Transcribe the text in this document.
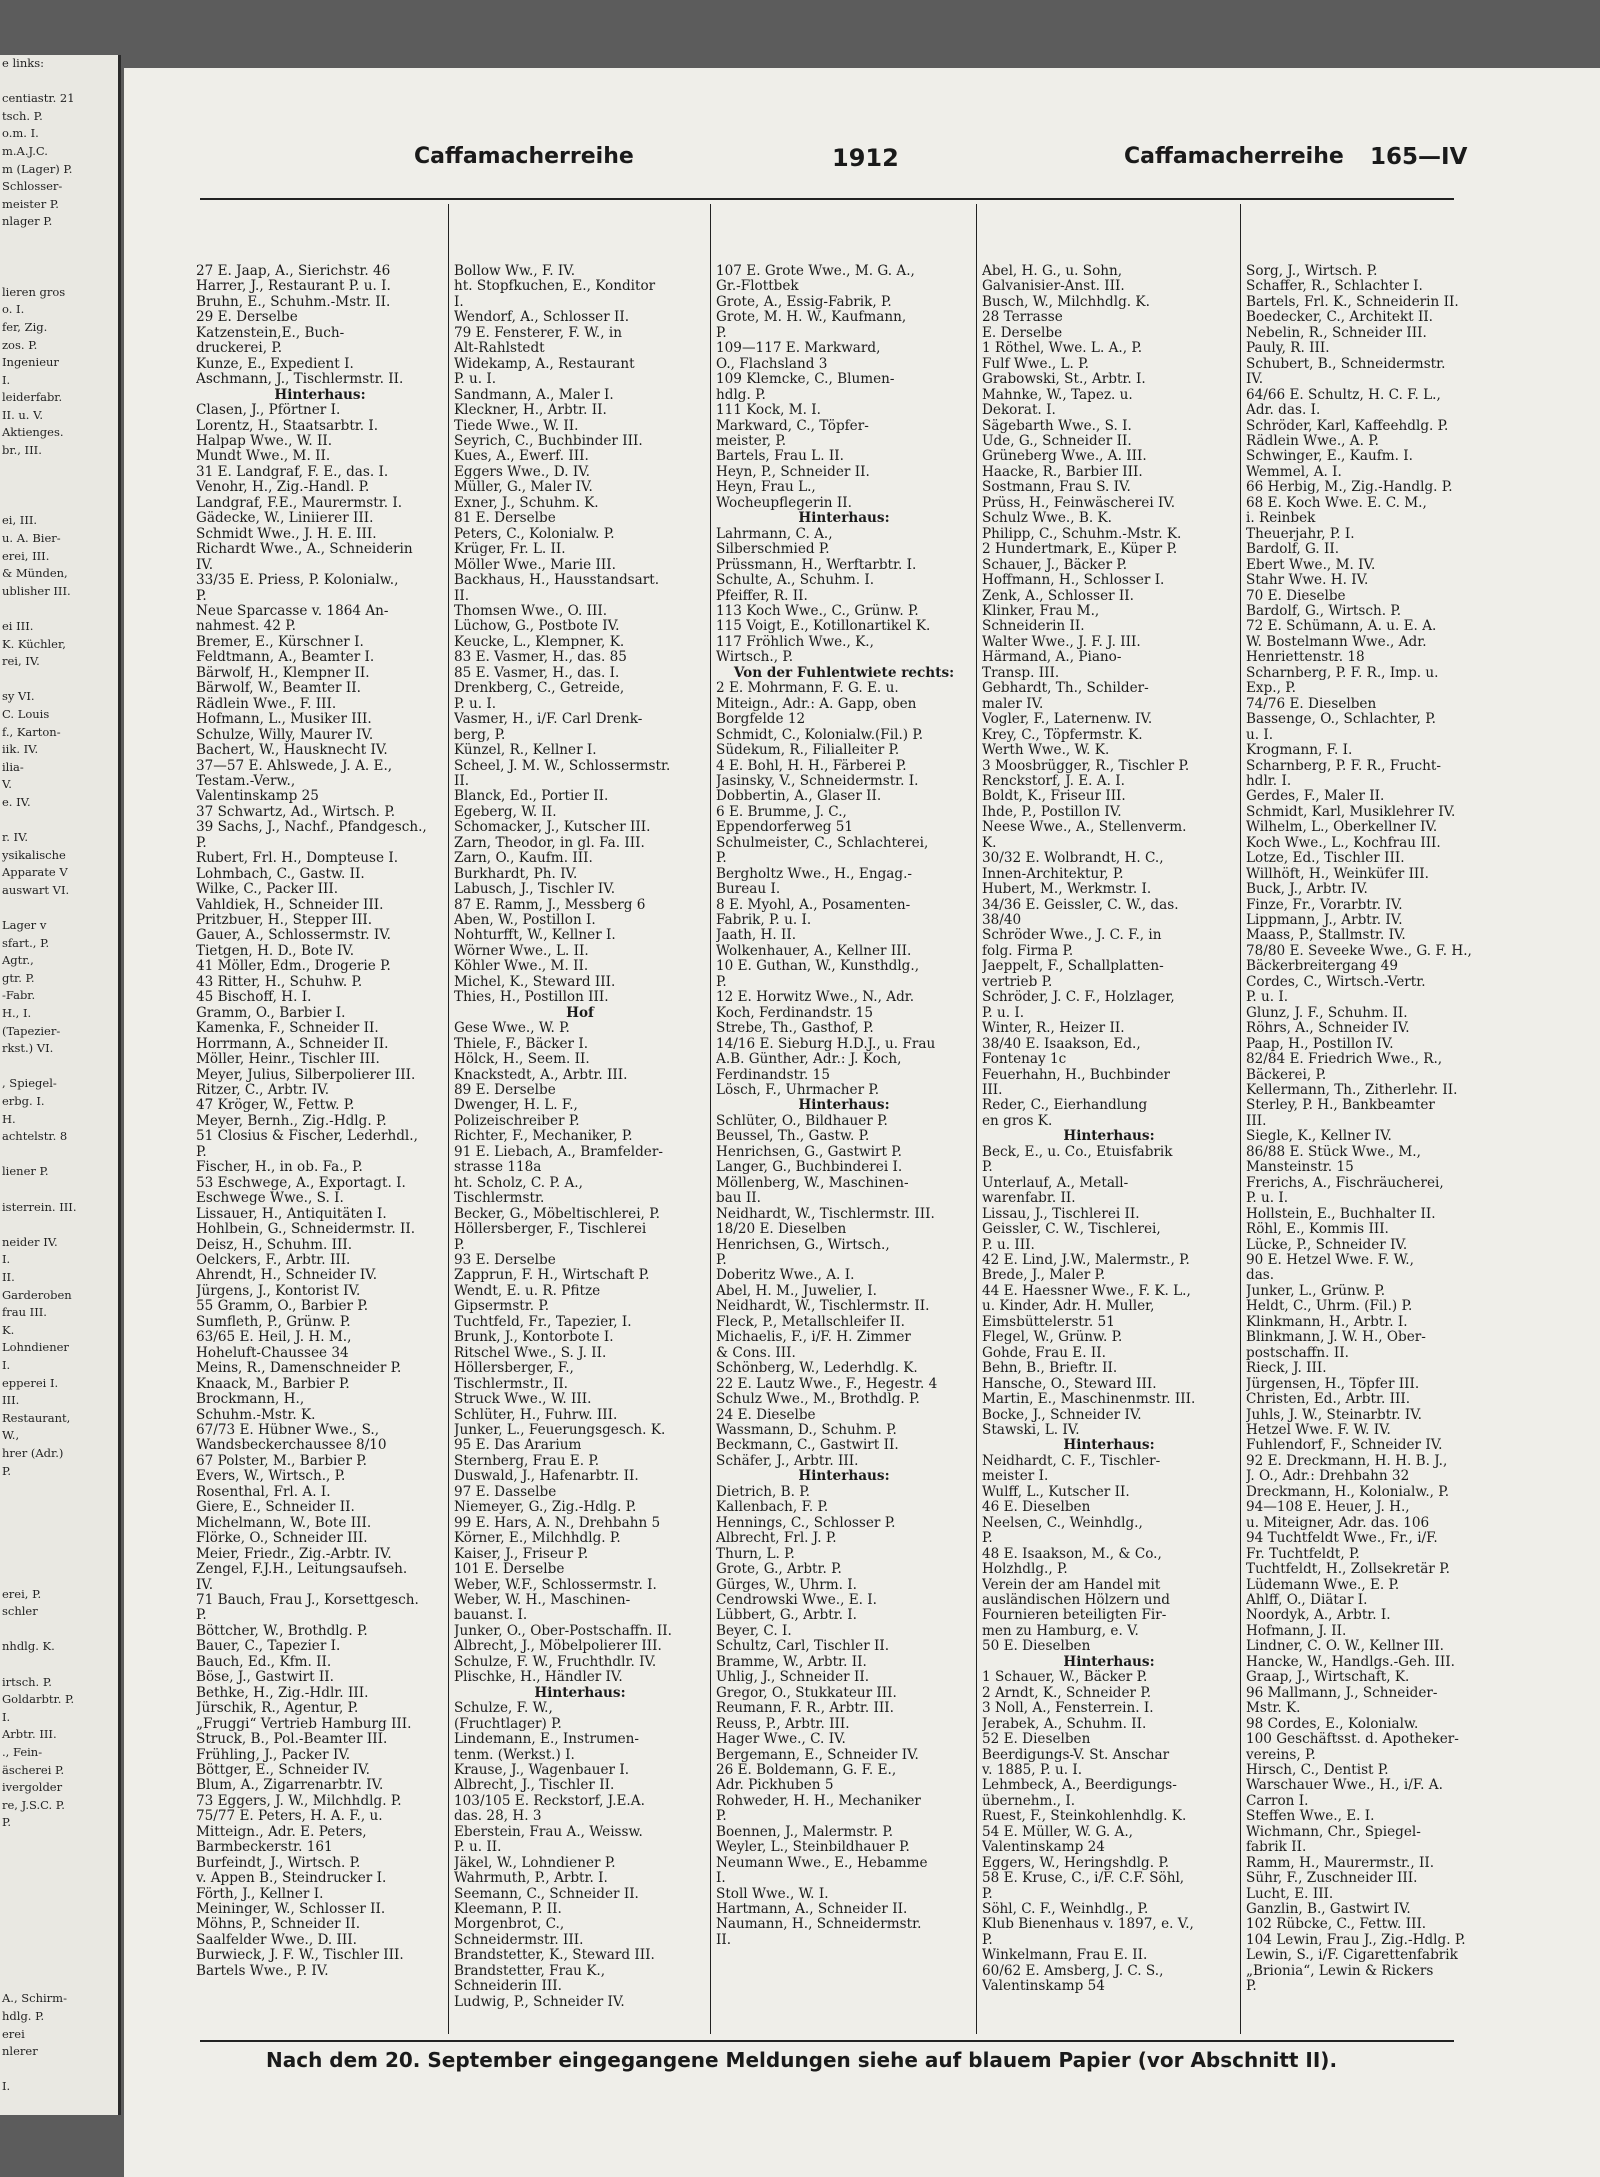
e links:
centiastr. 21
tsch. P.
o.m. I.
m.A.J.C.
m (Lager) P.
Schlosser-
meister P.
nlager P.
lieren gros
o. I.
fer, Zig.
zos. P.
Ingenieur
I.
leiderfabr.
II. u. V.
Aktienges.
br., III.
ei, III.
u. A. Bier-
erei, III.
& Münden,
ublisher III.
ei III.
K. Küchler,
rei, IV.
sy VI.
C. Louis
f., Karton-
iik. IV.
ilia-
V.
e. IV.
r. IV.
ysikalische
Apparate V
auswart VI.
Lager v
sfart., P.
Agtr.,
gtr. P.
-Fabr.
H., I.
(Tapezier-
rkst.) VI.
, Spiegel-
erbg. I.
H.
achtelstr. 8
liener P.
isterrein. III.
neider IV.
I.
II.
Garderoben
frau III.
K.
Lohndiener
I.
epperei I.
III.
Restaurant,
W.,
hrer (Adr.)
P.
erei, P.
schler
nhdlg. K.
irtsch. P.
Goldarbtr. P.
I.
Arbtr. III.
., Fein-
äscherei P.
ivergolder
re, J.S.C. P.
P.
A., Schirm-
hdlg. P.
erei
nlerer
I.
Caffamacherreihe	1912	Caffamacherreihe 165—IV
27 E. Jaap, A., Sierichstr. 46
Harrer, J., Restaurant P. u. I.
Bruhn, E., Schuhm.-Mstr. II.
29 E. Derselbe
Katzenstein,E., Buch-
druckerei, P.
Kunze, E., Expedient I.
Aschmann, J., Tischlermstr. II.
Hinterhaus:
Clasen, J., Pförtner I.
Lorentz, H., Staatsarbtr. I.
Halpap Wwe., W. II.
Mundt Wwe., M. II.
31 E. Landgraf, F. E., das. I.
Venohr, H., Zig.-Handl. P.
Landgraf, F.E., Maurermstr. I.
Gädecke, W., Liniierer III.
Schmidt Wwe., J. H. E. III.
Richardt Wwe., A., Schneiderin
IV.
33/35 E. Priess, P. Kolonialw.,
P.
Neue Sparcasse v. 1864 An-
nahmest. 42 P.
Bremer, E., Kürschner I.
Feldtmann, A., Beamter I.
Bärwolf, H., Klempner II.
Bärwolf, W., Beamter II.
Rädlein Wwe., F. III.
Hofmann, L., Musiker III.
Schulze, Willy, Maurer IV.
Bachert, W., Hausknecht IV.
37—57 E. Ahlswede, J. A. E.,
Testam.-Verw.,
Valentinskamp 25
37 Schwartz, Ad., Wirtsch. P.
39 Sachs, J., Nachf., Pfandgesch.,
P.
Rubert, Frl. H., Dompteuse I.
Lohmbach, C., Gastw. II.
Wilke, C., Packer III.
Vahldiek, H., Schneider III.
Pritzbuer, H., Stepper III.
Gauer, A., Schlossermstr. IV.
Tietgen, H. D., Bote IV.
41 Möller, Edm., Drogerie P.
43 Ritter, H., Schuhw. P.
45 Bischoff, H. I.
Gramm, O., Barbier I.
Kamenka, F., Schneider II.
Horrmann, A., Schneider II.
Möller, Heinr., Tischler III.
Meyer, Julius, Silberpolierer III.
Ritzer, C., Arbtr. IV.
47 Kröger, W., Fettw. P.
Meyer, Bernh., Zig.-Hdlg. P.
51 Closius & Fischer, Lederhdl.,
P.
Fischer, H., in ob. Fa., P.
53 Eschwege, A., Exportagt. I.
Eschwege Wwe., S. I.
Lissauer, H., Antiquitäten I.
Hohlbein, G., Schneidermstr. II.
Deisz, H., Schuhm. III.
Oelckers, F., Arbtr. III.
Ahrendt, H., Schneider IV.
Jürgens, J., Kontorist IV.
55 Gramm, O., Barbier P.
Sumfleth, P., Grünw. P.
63/65 E. Heil, J. H. M.,
Hoheluft-Chaussee 34
Meins, R., Damenschneider P.
Knaack, M., Barbier P.
Brockmann, H.,
Schuhm.-Mstr. K.
67/73 E. Hübner Wwe., S.,
Wandsbeckerchaussee 8/10
67 Polster, M., Barbier P.
Evers, W., Wirtsch., P.
Rosenthal, Frl. A. I.
Giere, E., Schneider II.
Michelmann, W., Bote III.
Flörke, O., Schneider III.
Meier, Friedr., Zig.-Arbtr. IV.
Zengel, F.J.H., Leitungsaufseh.
IV.
71 Bauch, Frau J., Korsettgesch.
P.
Böttcher, W., Brothdlg. P.
Bauer, C., Tapezier I.
Bauch, Ed., Kfm. II.
Böse, J., Gastwirt II.
Bethke, H., Zig.-Hdlr. III.
Jürschik, R., Agentur, P.
„Fruggi“ Vertrieb Hamburg III.
Struck, B., Pol.-Beamter III.
Frühling, J., Packer IV.
Böttger, E., Schneider IV.
Blum, A., Zigarrenarbtr. IV.
73 Eggers, J. W., Milchhdlg. P.
75/77 E. Peters, H. A. F., u.
Mitteign., Adr. E. Peters,
Barmbeckerstr. 161
Burfeindt, J., Wirtsch. P.
v. Appen B., Steindrucker I.
Förth, J., Kellner I.
Meininger, W., Schlosser II.
Möhns, P., Schneider II.
Saalfelder Wwe., D. III.
Burwieck, J. F. W., Tischler III.
Bartels Wwe., P. IV.
Bollow Ww., F. IV.
ht. Stopfkuchen, E., Konditor
I.
Wendorf, A., Schlosser II.
79 E. Fensterer, F. W., in
Alt-Rahlstedt
Widekamp, A., Restaurant
P. u. I.
Sandmann, A., Maler I.
Kleckner, H., Arbtr. II.
Tiede Wwe., W. II.
Seyrich, C., Buchbinder III.
Kues, A., Ewerf. III.
Eggers Wwe., D. IV.
Müller, G., Maler IV.
Exner, J., Schuhm. K.
81 E. Derselbe
Peters, C., Kolonialw. P.
Krüger, Fr. L. II.
Möller Wwe., Marie III.
Backhaus, H., Hausstandsart.
II.
Thomsen Wwe., O. III.
Lüchow, G., Postbote IV.
Keucke, L., Klempner, K.
83 E. Vasmer, H., das. 85
85 E. Vasmer, H., das. I.
Drenkberg, C., Getreide,
P. u. I.
Vasmer, H., i/F. Carl Drenk-
berg, P.
Künzel, R., Kellner I.
Scheel, J. M. W., Schlossermstr.
II.
Blanck, Ed., Portier II.
Egeberg, W. II.
Schomacker, J., Kutscher III.
Zarn, Theodor, in gl. Fa. III.
Zarn, O., Kaufm. III.
Burkhardt, Ph. IV.
Labusch, J., Tischler IV.
87 E. Ramm, J., Messberg 6
Aben, W., Postillon I.
Nohturfft, W., Kellner I.
Wörner Wwe., L. II.
Köhler Wwe., M. II.
Michel, K., Steward III.
Thies, H., Postillon III.
Hof
Gese Wwe., W. P.
Thiele, F., Bäcker I.
Hölck, H., Seem. II.
Knackstedt, A., Arbtr. III.
89 E. Derselbe
Dwenger, H. L. F.,
Polizeischreiber P.
Richter, F., Mechaniker, P.
91 E. Liebach, A., Bramfelder-
strasse 118a
ht. Scholz, C. P. A.,
Tischlermstr.
Becker, G., Möbeltischlerei, P.
Höllersberger, F., Tischlerei
P.
93 E. Derselbe
Zapprun, F. H., Wirtschaft P.
Wendt, E. u. R. Pfitze
Gipsermstr. P.
Tuchtfeld, Fr., Tapezier, I.
Brunk, J., Kontorbote I.
Ritschel Wwe., S. J. II.
Höllersberger, F.,
Tischlermstr., II.
Struck Wwe., W. III.
Schlüter, H., Fuhrw. III.
Junker, L., Feuerungsgesch. K.
95 E. Das Ärarium
Sternberg, Frau E. P.
Duswald, J., Hafenarbtr. II.
97 E. Dasselbe
Niemeyer, G., Zig.-Hdlg. P.
99 E. Hars, A. N., Drehbahn 5
Körner, E., Milchhdlg. P.
Kaiser, J., Friseur P.
101 E. Derselbe
Weber, W.F., Schlossermstr. I.
Weber, W. H., Maschinen-
bauanst. I.
Junker, O., Ober-Postschaffn. II.
Albrecht, J., Möbelpolierer III.
Schulze, F. W., Fruchthdlr. IV.
Plischke, H., Händler IV.
Hinterhaus:
Schulze, F. W.,
(Fruchtlager) P.
Lindemann, E., Instrumen-
tenm. (Werkst.) I.
Krause, J., Wagenbauer I.
Albrecht, J., Tischler II.
103/105 E. Reckstorf, J.E.A.
das. 28, H. 3
Eberstein, Frau A., Weissw.
P. u. II.
Jäkel, W., Lohndiener P.
Wahrmuth, P., Arbtr. I.
Seemann, C., Schneider II.
Kleemann, P. II.
Morgenbrot, C.,
Schneidermstr. III.
Brandstetter, K., Steward III.
Brandstetter, Frau K.,
Schneiderin III.
Ludwig, P., Schneider IV.
107 E. Grote Wwe., M. G. A.,
Gr.-Flottbek
Grote, A., Essig-Fabrik, P.
Grote, M. H. W., Kaufmann,
P.
109—117 E. Markward,
O., Flachsland 3
109 Klemcke, C., Blumen-
hdlg. P.
111 Kock, M. I.
Markward, C., Töpfer-
meister, P.
Bartels, Frau L. II.
Heyn, P., Schneider II.
Heyn, Frau L.,
Wocheupflegerin II.
Hinterhaus:
Lahrmann, C. A.,
Silberschmied P.
Prüssmann, H., Werftarbtr. I.
Schulte, A., Schuhm. I.
Pfeiffer, R. II.
113 Koch Wwe., C., Grünw. P.
115 Voigt, E., Kotillonartikel K.
117 Fröhlich Wwe., K.,
Wirtsch., P.
Von der Fuhlentwiete rechts:
2 E. Mohrmann, F. G. E. u.
Miteign., Adr.: A. Gapp, oben
Borgfelde 12
Schmidt, C., Kolonialw.(Fil.) P.
Südekum, R., Filialleiter P.
4 E. Bohl, H. H., Färberei P.
Jasinsky, V., Schneidermstr. I.
Dobbertin, A., Glaser II.
6 E. Brumme, J. C.,
Eppendorferweg 51
Schulmeister, C., Schlachterei,
P.
Bergholtz Wwe., H., Engag.-
Bureau I.
8 E. Myohl, A., Posamenten-
Fabrik, P. u. I.
Jaath, H. II.
Wolkenhauer, A., Kellner III.
10 E. Guthan, W., Kunsthdlg.,
P.
12 E. Horwitz Wwe., N., Adr.
Koch, Ferdinandstr. 15
Strebe, Th., Gasthof, P.
14/16 E. Sieburg H.D.J., u. Frau
A.B. Günther, Adr.: J. Koch,
Ferdinandstr. 15
Lösch, F., Uhrmacher P.
Hinterhaus:
Schlüter, O., Bildhauer P.
Beussel, Th., Gastw. P.
Henrichsen, G., Gastwirt P.
Langer, G., Buchbinderei I.
Möllenberg, W., Maschinen-
bau II.
Neidhardt, W., Tischlermstr. III.
18/20 E. Dieselben
Henrichsen, G., Wirtsch.,
P.
Doberitz Wwe., A. I.
Abel, H. M., Juwelier, I.
Neidhardt, W., Tischlermstr. II.
Fleck, P., Metallschleifer II.
Michaelis, F., i/F. H. Zimmer
& Cons. III.
Schönberg, W., Lederhdlg. K.
22 E. Lautz Wwe., F., Hegestr. 4
Schulz Wwe., M., Brothdlg. P.
24 E. Dieselbe
Wassmann, D., Schuhm. P.
Beckmann, C., Gastwirt II.
Schäfer, J., Arbtr. III.
Hinterhaus:
Dietrich, B. P.
Kallenbach, F. P.
Hennings, C., Schlosser P.
Albrecht, Frl. J. P.
Thurn, L. P.
Grote, G., Arbtr. P.
Gürges, W., Uhrm. I.
Cendrowski Wwe., E. I.
Lübbert, G., Arbtr. I.
Beyer, C. I.
Schultz, Carl, Tischler II.
Bramme, W., Arbtr. II.
Uhlig, J., Schneider II.
Gregor, O., Stukkateur III.
Reumann, F. R., Arbtr. III.
Reuss, P., Arbtr. III.
Hager Wwe., C. IV.
Bergemann, E., Schneider IV.
26 E. Boldemann, G. F. E.,
Adr. Pickhuben 5
Rohweder, H. H., Mechaniker
P.
Boennen, J., Malermstr. P.
Weyler, L., Steinbildhauer P.
Neumann Wwe., E., Hebamme
I.
Stoll Wwe., W. I.
Hartmann, A., Schneider II.
Naumann, H., Schneidermstr.
II.
Abel, H. G., u. Sohn,
Galvanisier-Anst. III.
Busch, W., Milchhdlg. K.
28 Terrasse
E. Derselbe
1 Röthel, Wwe. L. A., P.
Fulf Wwe., L. P.
Grabowski, St., Arbtr. I.
Mahnke, W., Tapez. u.
Dekorat. I.
Sägebarth Wwe., S. I.
Ude, G., Schneider II.
Grüneberg Wwe., A. III.
Haacke, R., Barbier III.
Sostmann, Frau S. IV.
Prüss, H., Feinwäscherei IV.
Schulz Wwe., B. K.
Philipp, C., Schuhm.-Mstr. K.
2 Hundertmark, E., Küper P.
Schauer, J., Bäcker P.
Hoffmann, H., Schlosser I.
Zenk, A., Schlosser II.
Klinker, Frau M.,
Schneiderin II.
Walter Wwe., J. F. J. III.
Härmand, A., Piano-
Transp. III.
Gebhardt, Th., Schilder-
maler IV.
Vogler, F., Laternenw. IV.
Krey, C., Töpfermstr. K.
Werth Wwe., W. K.
3 Moosbrügger, R., Tischler P.
Renckstorf, J. E. A. I.
Boldt, K., Friseur III.
Ihde, P., Postillon IV.
Neese Wwe., A., Stellenverm.
K.
30/32 E. Wolbrandt, H. C.,
Innen-Architektur, P.
Hubert, M., Werkmstr. I.
34/36 E. Geissler, C. W., das.
38/40
Schröder Wwe., J. C. F., in
folg. Firma P.
Jaeppelt, F., Schallplatten-
vertrieb P.
Schröder, J. C. F., Holzlager,
P. u. I.
Winter, R., Heizer II.
38/40 E. Isaakson, Ed.,
Fontenay 1c
Feuerhahn, H., Buchbinder
III.
Reder, C., Eierhandlung
en gros K.
Hinterhaus:
Beck, E., u. Co., Etuisfabrik
P.
Unterlauf, A., Metall-
warenfabr. II.
Lissau, J., Tischlerei II.
Geissler, C. W., Tischlerei,
P. u. III.
42 E. Lind, J.W., Malermstr., P.
Brede, J., Maler P.
44 E. Haessner Wwe., F. K. L.,
u. Kinder, Adr. H. Muller,
Eimsbüttelerstr. 51
Flegel, W., Grünw. P.
Gohde, Frau E. II.
Behn, B., Brieftr. II.
Hansche, O., Steward III.
Martin, E., Maschinenmstr. III.
Bocke, J., Schneider IV.
Stawski, L. IV.
Hinterhaus:
Neidhardt, C. F., Tischler-
meister I.
Wulff, L., Kutscher II.
46 E. Dieselben
Neelsen, C., Weinhdlg.,
P.
48 E. Isaakson, M., & Co.,
Holzhdlg., P.
Verein der am Handel mit
ausländischen Hölzern und
Fournieren beteiligten Fir-
men zu Hamburg, e. V.
50 E. Dieselben
Hinterhaus:
1 Schauer, W., Bäcker P.
2 Arndt, K., Schneider P.
3 Noll, A., Fensterrein. I.
Jerabek, A., Schuhm. II.
52 E. Dieselben
Beerdigungs-V. St. Anschar
v. 1885, P. u. I.
Lehmbeck, A., Beerdigungs-
übernehm., I.
Ruest, F., Steinkohlenhdlg. K.
54 E. Müller, W. G. A.,
Valentinskamp 24
Eggers, W., Heringshdlg. P.
58 E. Kruse, C., i/F. C.F. Söhl,
P.
Söhl, C. F., Weinhdlg., P.
Klub Bienenhaus v. 1897, e. V.,
P.
Winkelmann, Frau E. II.
60/62 E. Amsberg, J. C. S.,
Valentinskamp 54
Sorg, J., Wirtsch. P.
Schaffer, R., Schlachter I.
Bartels, Frl. K., Schneiderin II.
Boedecker, C., Architekt II.
Nebelin, R., Schneider III.
Pauly, R. III.
Schubert, B., Schneidermstr.
IV.
64/66 E. Schultz, H. C. F. L.,
Adr. das. I.
Schröder, Karl, Kaffeehdlg. P.
Rädlein Wwe., A. P.
Schwinger, E., Kaufm. I.
Wemmel, A. I.
66 Herbig, M., Zig.-Handlg. P.
68 E. Koch Wwe. E. C. M.,
i. Reinbek
Theuerjahr, P. I.
Bardolf, G. II.
Ebert Wwe., M. IV.
Stahr Wwe. H. IV.
70 E. Dieselbe
Bardolf, G., Wirtsch. P.
72 E. Schümann, A. u. E. A.
W. Bostelmann Wwe., Adr.
Henriettenstr. 18
Scharnberg, P. F. R., Imp. u.
Exp., P.
74/76 E. Dieselben
Bassenge, O., Schlachter, P.
u. I.
Krogmann, F. I.
Scharnberg, P. F. R., Frucht-
hdlr. I.
Gerdes, F., Maler II.
Schmidt, Karl, Musiklehrer IV.
Wilhelm, L., Oberkellner IV.
Koch Wwe., L., Kochfrau III.
Lotze, Ed., Tischler III.
Willhöft, H., Weinküfer III.
Buck, J., Arbtr. IV.
Finze, Fr., Vorarbtr. IV.
Lippmann, J., Arbtr. IV.
Maass, P., Stallmstr. IV.
78/80 E. Seveeke Wwe., G. F. H.,
Bäckerbreitergang 49
Cordes, C., Wirtsch.-Vertr.
P. u. I.
Glunz, J. F., Schuhm. II.
Röhrs, A., Schneider IV.
Paap, H., Postillon IV.
82/84 E. Friedrich Wwe., R.,
Bäckerei, P.
Kellermann, Th., Zitherlehr. II.
Sterley, P. H., Bankbeamter
III.
Siegle, K., Kellner IV.
86/88 E. Stück Wwe., M.,
Mansteinstr. 15
Frerichs, A., Fischräucherei,
P. u. I.
Hollstein, E., Buchhalter II.
Röhl, E., Kommis III.
Lücke, P., Schneider IV.
90 E. Hetzel Wwe. F. W.,
das.
Junker, L., Grünw. P.
Heldt, C., Uhrm. (Fil.) P.
Klinkmann, H., Arbtr. I.
Blinkmann, J. W. H., Ober-
postschaffn. II.
Rieck, J. III.
Jürgensen, H., Töpfer III.
Christen, Ed., Arbtr. III.
Juhls, J. W., Steinarbtr. IV.
Hetzel Wwe. F. W. IV.
Fuhlendorf, F., Schneider IV.
92 E. Dreckmann, H. H. B. J.,
J. O., Adr.: Drehbahn 32
Dreckmann, H., Kolonialw., P.
94—108 E. Heuer, J. H.,
u. Miteigner, Adr. das. 106
94 Tuchtfeldt Wwe., Fr., i/F.
Fr. Tuchtfeldt, P.
Tuchtfeldt, H., Zollsekretär P.
Lüdemann Wwe., E. P.
Ahlff, O., Diätar I.
Noordyk, A., Arbtr. I.
Hofmann, J. II.
Lindner, C. O. W., Kellner III.
Hancke, W., Handlgs.-Geh. III.
Graap, J., Wirtschaft, K.
96 Mallmann, J., Schneider-
Mstr. K.
98 Cordes, E., Kolonialw.
100 Geschäftsst. d. Apotheker-
vereins, P.
Hirsch, C., Dentist P.
Warschauer Wwe., H., i/F. A.
Carron I.
Steffen Wwe., E. I.
Wichmann, Chr., Spiegel-
fabrik II.
Ramm, H., Maurermstr., II.
Sühr, F., Zuschneider III.
Lucht, E. III.
Ganzlin, B., Gastwirt IV.
102 Rübcke, C., Fettw. III.
104 Lewin, Frau J., Zig.-Hdlg. P.
Lewin, S., i/F. Cigarettenfabrik
„Brionia“, Lewin & Rickers
P.
Nach dem 20. September eingegangene Meldungen siehe auf blauem Papier (vor Abschnitt II).
